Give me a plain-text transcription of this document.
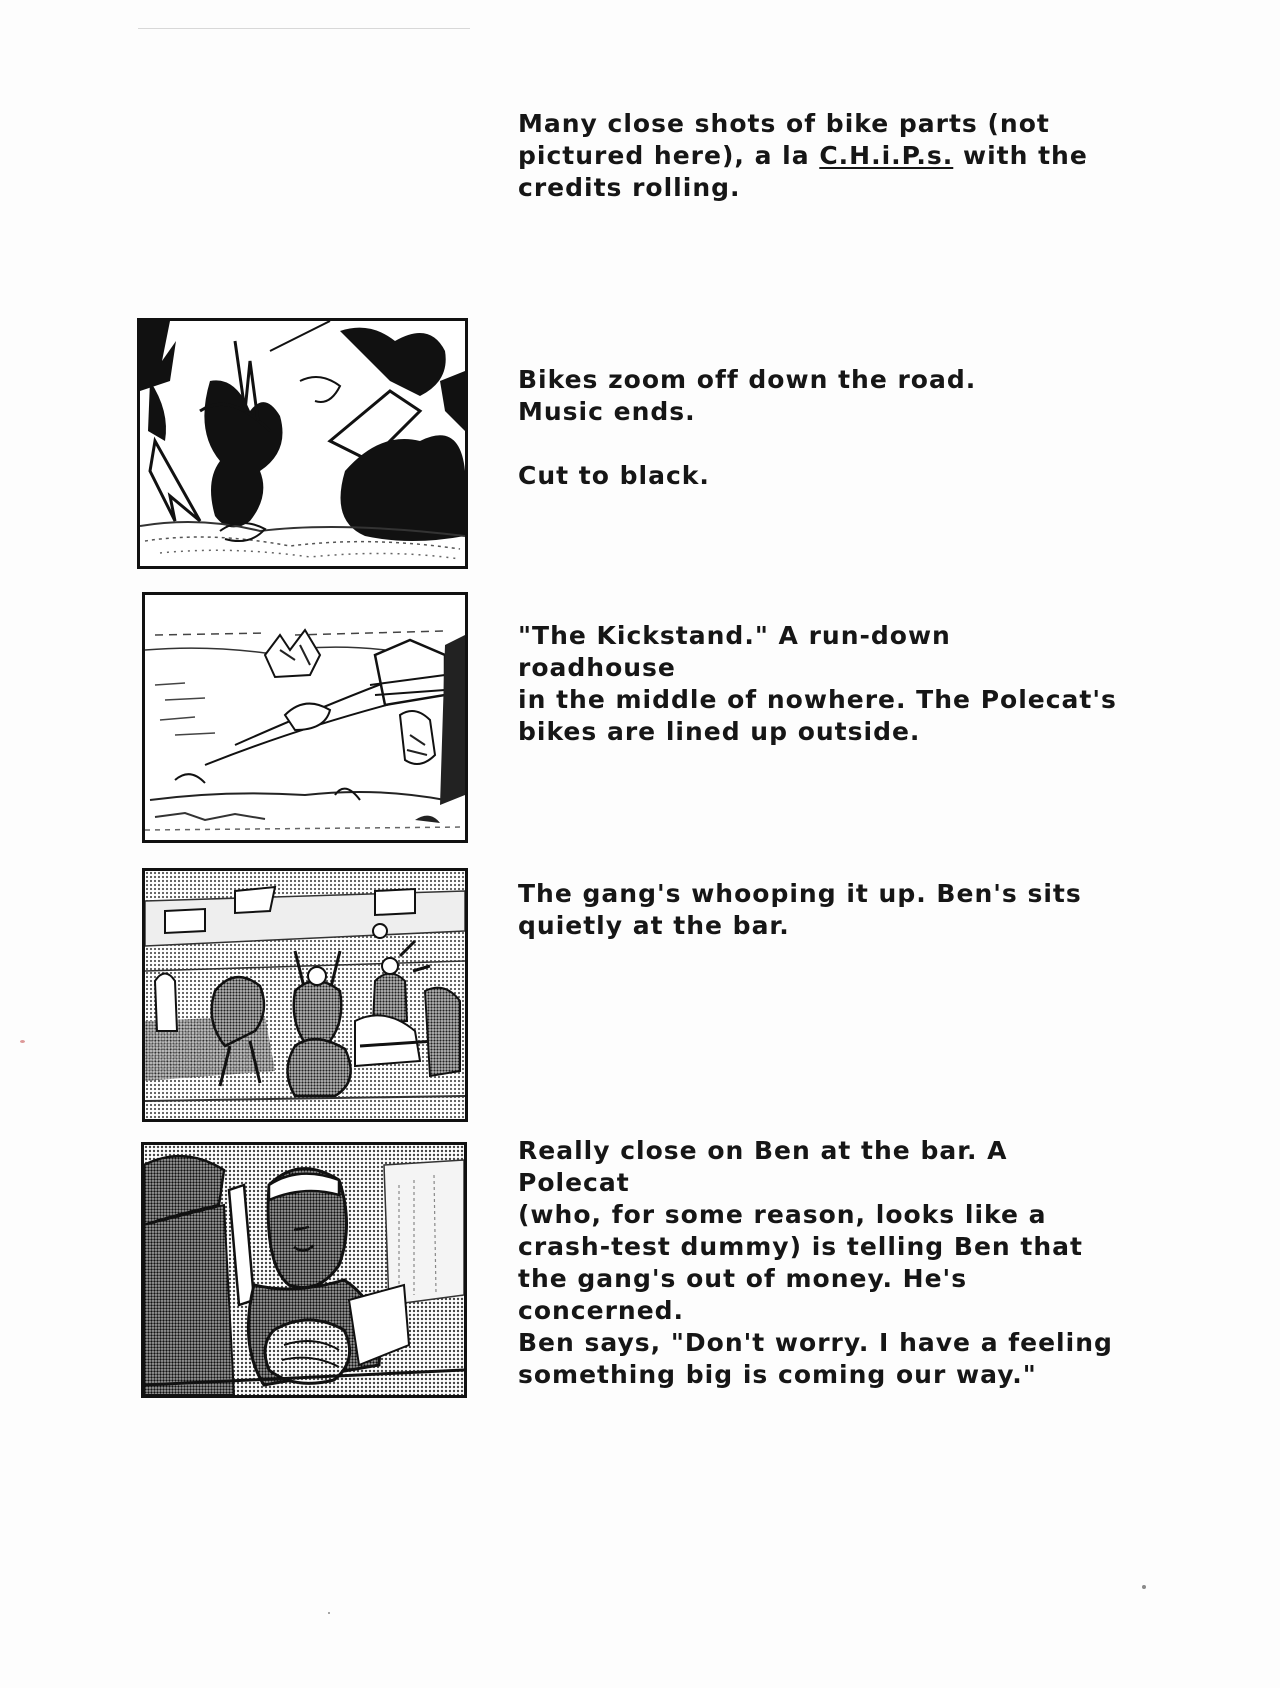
Many close shots of bike parts (not
pictured here), a la C.H.i.P.s. with the
credits rolling.
Bikes zoom off down the road.
Music ends.

Cut to black.
"The Kickstand." A run-down roadhouse
in the middle of nowhere. The Polecat's
bikes are lined up outside.
The gang's whooping it up. Ben's sits
quietly at the bar.
Really close on Ben at the bar. A Polecat
(who, for some reason, looks like a
crash-test dummy) is telling Ben that
the gang's out of money. He's concerned.
Ben says, "Don't worry. I have a feeling
something big is coming our way."
